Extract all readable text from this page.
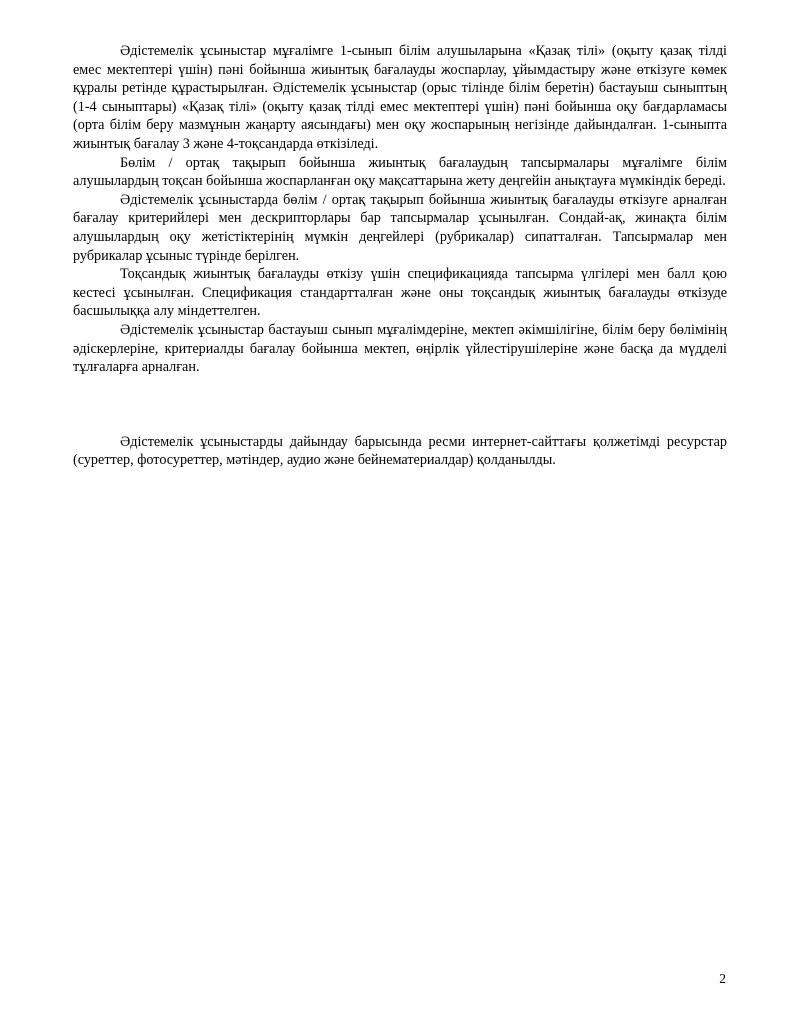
Әдістемелік ұсыныстар мұғалімге 1-сынып білім алушыларына «Қазақ тілі» (оқыту қазақ тілді емес мектептері үшін) пәні бойынша жиынтық бағалауды жоспарлау, ұйымдастыру және өткізуге көмек құралы ретінде құрастырылған. Әдістемелік ұсыныстар (орыс тілінде білім беретін) бастауыш сыныптың (1-4 сыныптары) «Қазақ тілі» (оқыту қазақ тілді емес мектептері үшін) пәні бойынша оқу бағдарламасы (орта білім беру мазмұнын жаңарту аясындағы) мен оқу жоспарының негізінде дайындалған. 1-сыныпта жиынтық бағалау 3 және 4-тоқсандарда өткізіледі.

Бөлім / ортақ тақырып бойынша жиынтық бағалаудың тапсырмалары мұғалімге білім алушылардың тоқсан бойынша жоспарланған оқу мақсаттарына жету деңгейін анықтауға мүмкіндік береді.

Әдістемелік ұсыныстарда бөлім / ортақ тақырып бойынша жиынтық бағалауды өткізуге арналған бағалау критерийлері мен дескрипторлары бар тапсырмалар ұсынылған. Сондай-ақ, жинақта білім алушылардың оқу жетістіктерінің мүмкін деңгейлері (рубрикалар) сипатталған. Тапсырмалар мен рубрикалар ұсыныс түрінде берілген.

Тоқсандық жиынтық бағалауды өткізу үшін спецификацияда тапсырма үлгілері мен балл қою кестесі ұсынылған. Спецификация стандартталған және оны тоқсандық жиынтық бағалауды өткізуде басшылыққа алу міндеттелген.

Әдістемелік ұсыныстар бастауыш сынып мұғалімдеріне, мектеп әкімшілігіне, білім беру бөлімінің әдіскерлеріне, критериалды бағалау бойынша мектеп, өңірлік үйлестірушілеріне және басқа да мүдделі тұлғаларға арналған.

Әдістемелік ұсыныстарды дайындау барысында ресми интернет-сайттағы қолжетімді ресурстар (суреттер, фотосуреттер, мәтіндер, аудио және бейнематериалдар) қолданылды.

2
